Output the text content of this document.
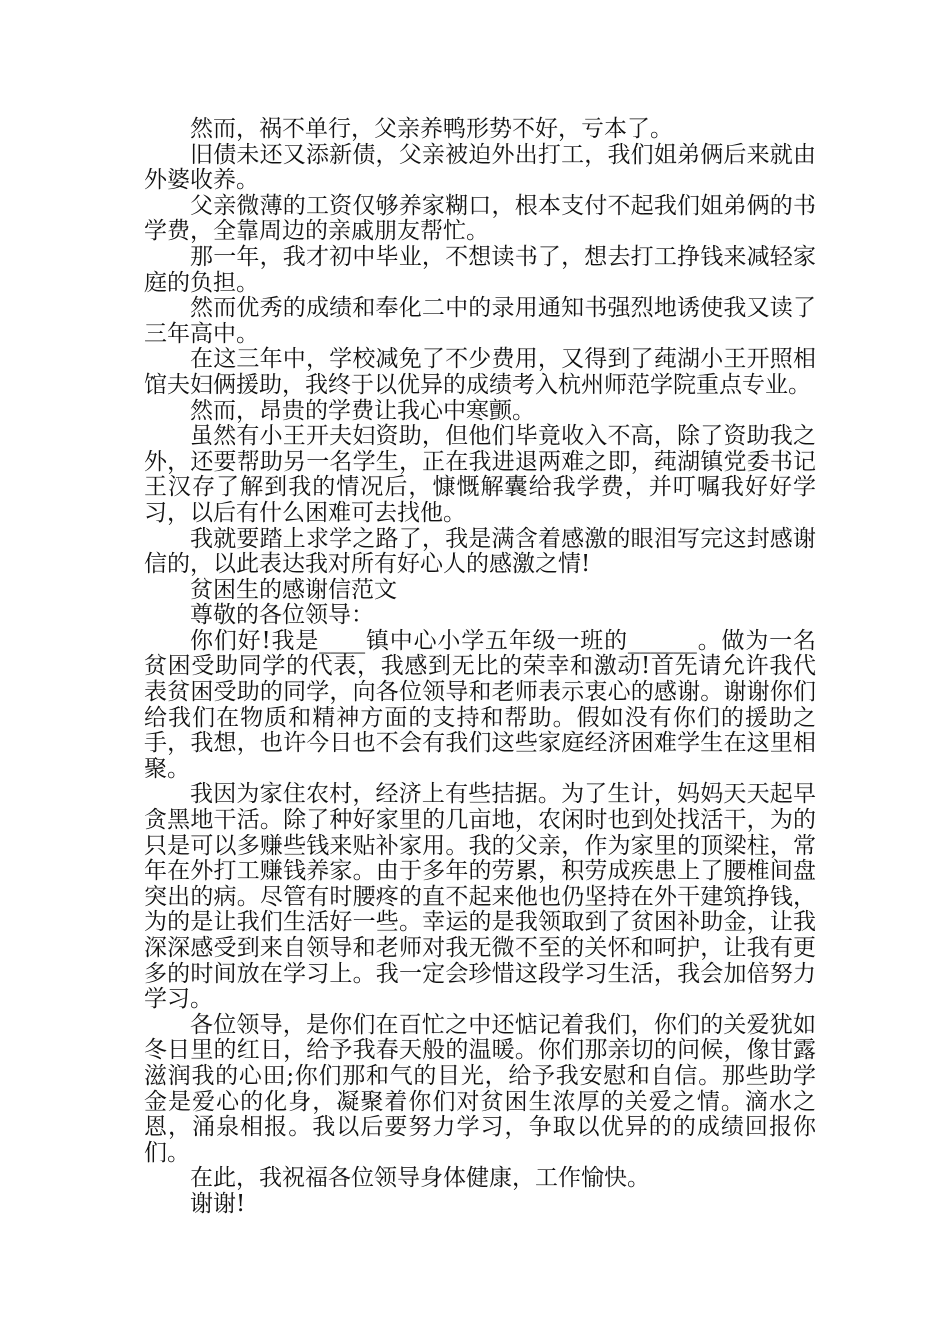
然而，祸不单行，父亲养鸭形势不好，亏本了。

旧债未还又添新债，父亲被迫外出打工，我们姐弟俩后来就由外婆收养。

父亲微薄的工资仅够养家糊口，根本支付不起我们姐弟俩的书学费，全靠周边的亲戚朋友帮忙。

那一年，我才初中毕业，不想读书了，想去打工挣钱来减轻家庭的负担。

然而优秀的成绩和奉化二中的录用通知书强烈地诱使我又读了三年高中。

在这三年中，学校减免了不少费用，又得到了莼湖小王开照相馆夫妇俩援助，我终于以优异的成绩考入杭州师范学院重点专业。

然而，昂贵的学费让我心中寒颤。

虽然有小王开夫妇资助，但他们毕竟收入不高，除了资助我之外，还要帮助另一名学生，正在我进退两难之即，莼湖镇党委书记王汉存了解到我的情况后，慷慨解囊给我学费，并叮嘱我好好学习，以后有什么困难可去找他。

我就要踏上求学之路了，我是满含着感激的眼泪写完这封感谢信的，以此表达我对所有好心人的感激之情!

贫困生的感谢信范文

尊敬的各位领导：

你们好!我是____镇中心小学五年级一班的______。做为一名贫困受助同学的代表，我感到无比的荣幸和激动!首先请允许我代表贫困受助的同学，向各位领导和老师表示衷心的感谢。谢谢你们给我们在物质和精神方面的支持和帮助。假如没有你们的援助之手，我想，也许今日也不会有我们这些家庭经济困难学生在这里相聚。

我因为家住农村，经济上有些拮据。为了生计，妈妈天天起早贪黑地干活。除了种好家里的几亩地，农闲时也到处找活干，为的只是可以多赚些钱来贴补家用。我的父亲，作为家里的顶梁柱，常年在外打工赚钱养家。由于多年的劳累，积劳成疾患上了腰椎间盘突出的病。尽管有时腰疼的直不起来他也仍坚持在外干建筑挣钱，为的是让我们生活好一些。幸运的是我领取到了贫困补助金，让我深深感受到来自领导和老师对我无微不至的关怀和呵护，让我有更多的时间放在学习上。我一定会珍惜这段学习生活，我会加倍努力学习。

各位领导，是你们在百忙之中还惦记着我们，你们的关爱犹如冬日里的红日，给予我春天般的温暖。你们那亲切的问候，像甘露滋润我的心田;你们那和气的目光，给予我安慰和自信。那些助学金是爱心的化身，凝聚着你们对贫困生浓厚的关爱之情。滴水之恩，涌泉相报。我以后要努力学习，争取以优异的的成绩回报你们。

在此，我祝福各位领导身体健康，工作愉快。

谢谢!
